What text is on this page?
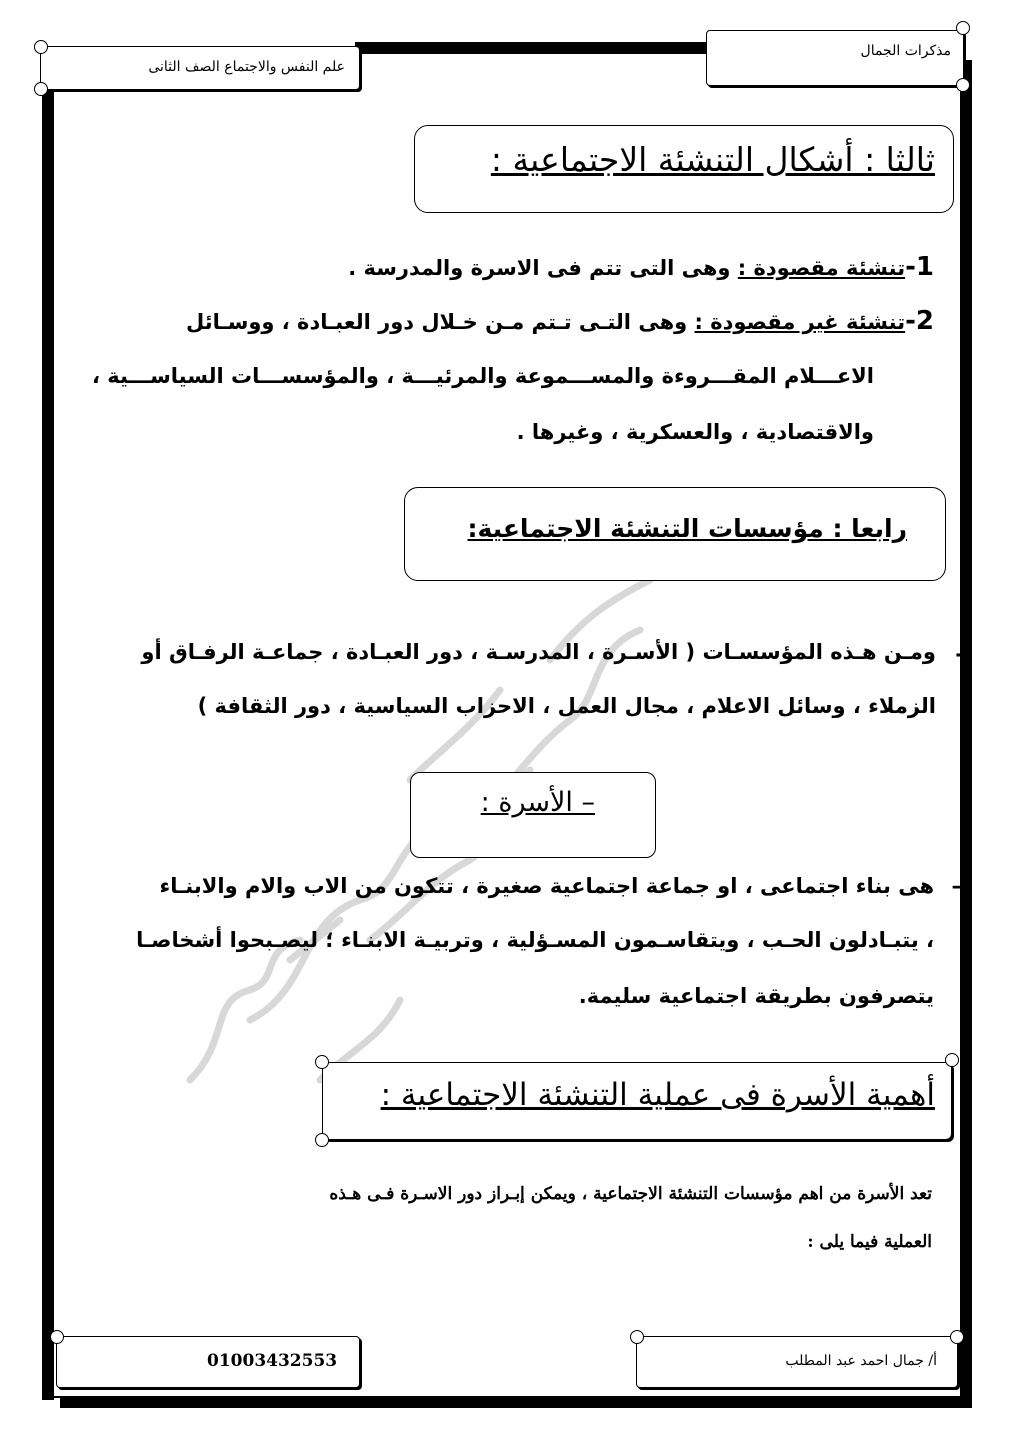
علم النفس والاجتماع الصف الثانى
مذكرات الجمال
ثالثا : أشكال التنشئة الاجتماعية :
1-تنشئة مقصودة : وهى التى تتم فى الاسرة والمدرسة .
2-تنشئة غير مقصودة : وهى التـى تـتم مـن خـلال دور العبـادة ، ووسـائل
الاعـــلام المقـــروءة والمســـموعة والمرئيـــة ، والمؤسســـات السياســـية ،
والاقتصادية ، والعسكرية ، وغيرها .
رابعا : مؤسسات التنشئة الاجتماعية:
-
ومـن هـذه المؤسسـات ( الأسـرة ، المدرسـة ، دور العبـادة ، جماعـة الرفـاق أو
الزملاء ، وسائل الاعلام ، مجال العمل ، الاحزاب السياسية ، دور الثقافة )
– الأسرة :
–
هى بناء اجتماعى ، او جماعة اجتماعية صغيرة ، تتكون من الاب والام والابنـاء
، يتبـادلون الحـب ، ويتقاسـمون المسـؤلية ، وتربيـة الابنـاء ؛ ليصـبحوا أشخاصـا
يتصرفون بطريقة اجتماعية سليمة.
أهمية الأسرة فى عملية التنشئة الاجتماعية :
تعد الأسرة من اهم مؤسسات التنشئة الاجتماعية ، ويمكن إبـراز دور الاسـرة فـى هـذه
العملية فيما يلى :
01003432553	أ/ جمال احمد عبد المطلب
